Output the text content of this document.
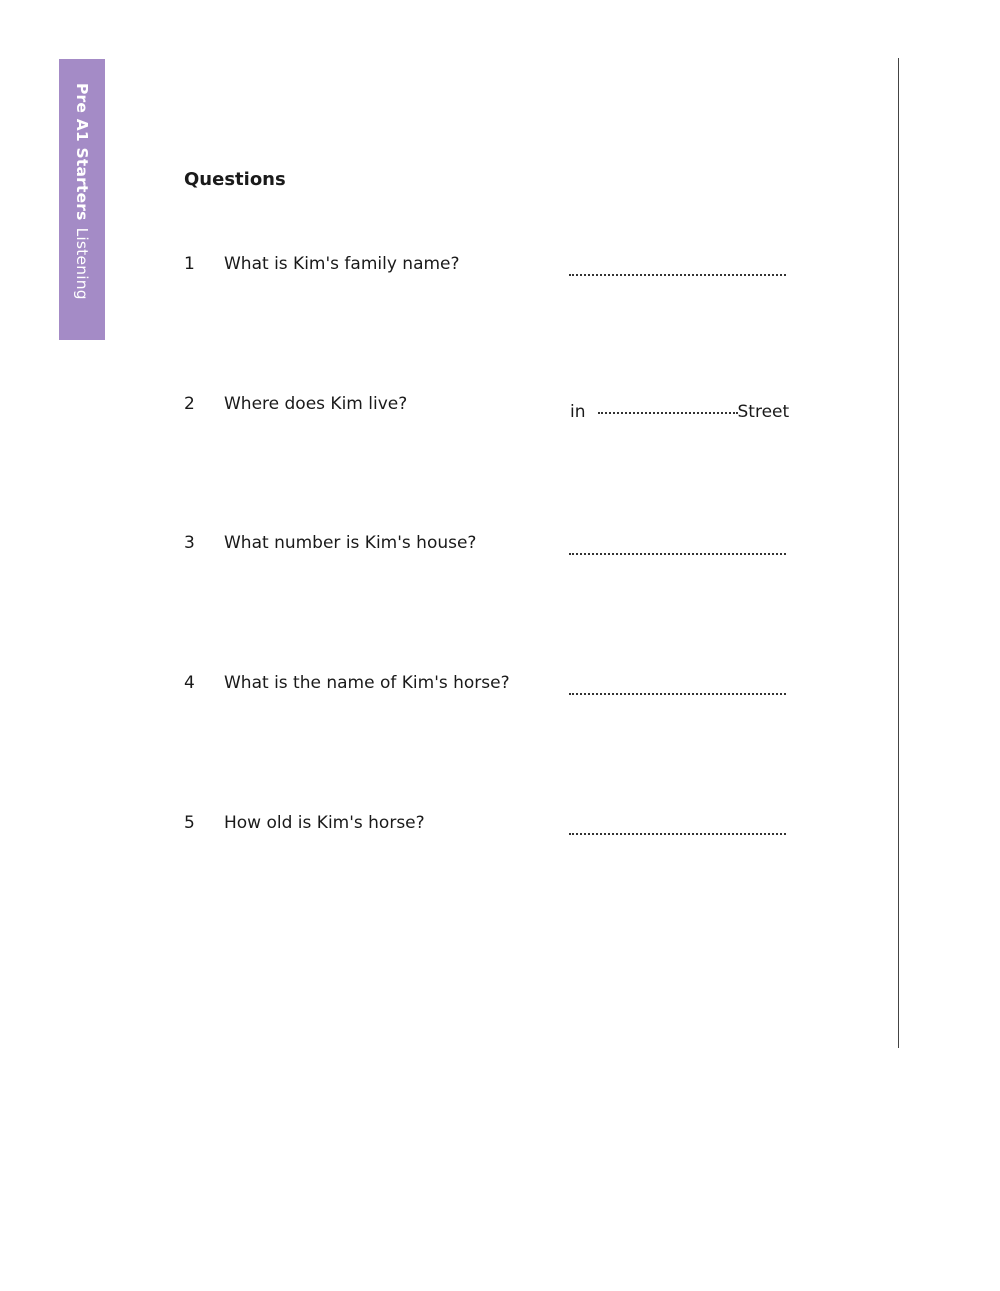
Pre A1 StartersListening
Questions
1 What is Kim's family name?
2 Where does Kim live?	in	Street
3 What number is Kim's house?
4 What is the name of Kim's horse?
5 How old is Kim's horse?
